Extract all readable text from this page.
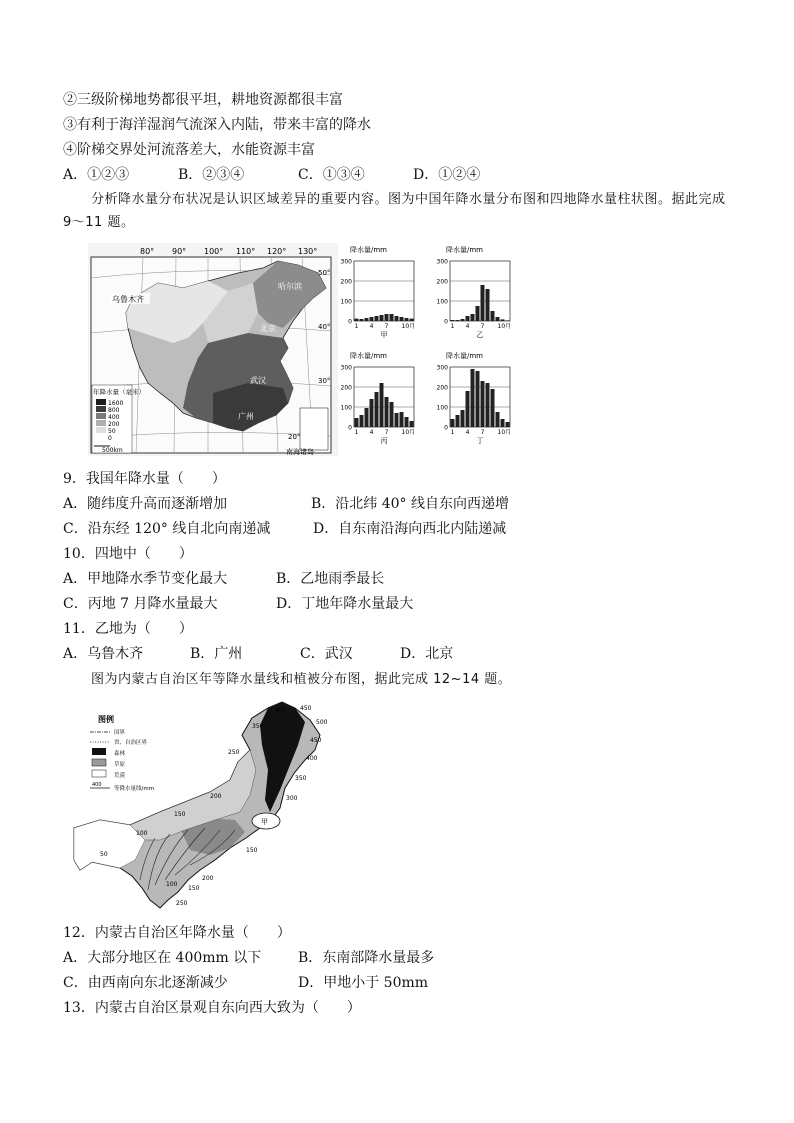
②三级阶梯地势都很平坦，耕地资源都很丰富
③有利于海洋湿润气流深入内陆，带来丰富的降水
④阶梯交界处河流落差大，水能资源丰富
A．①②③	B．②③④	C．①③④	D．①②④
分析降水量分布状况是认识区域差异的重要内容。图为中国年降水量分布图和四地降水量柱状图。据此完成 9～11 题。
80° 90° 100° 110° 120° 130°
50°
40°
30°
20°
南海诸岛
乌鲁木齐
哈尔滨
北京
武汉
广州
年降水量（毫米）
1600
800
400
200
50
0
500km
降水量/mm
0
100
200
300
1 4 7 10月
甲
降水量/mm
0
100
200
300
1 4 7 10月
乙
降水量/mm
0
100
200
300
1 4 7 10月
丙
降水量/mm
0
100
200
300
1 4 7 10月
丁
9．我国年降水量（　　）
A．随纬度升高而逐渐增加	B．沿北纬 40° 线自东向西递增
C．沿东经 120° 线自北向南递减	D．自东南沿海向西北内陆递减
10．四地中（　　）
A．甲地降水季节变化最大	B．乙地雨季最长
C．丙地 7 月降水量最大	D．丁地年降水量最大
11．乙地为（　　）
A．乌鲁木齐	B．广州	C．武汉	D．北京
图为内蒙古自治区年等降水量线和植被分布图，据此完成 12~14 题。
图例
国界
省、自治区界
森林
草原
荒漠
400
等降水量线/mm
甲
350
400 450
500
450
400
350
300
250
200
150
100
50
100
150
200
250
150
12．内蒙古自治区年降水量（　　）
A．大部分地区在 400mm 以下	B．东南部降水量最多
C．由西南向东北逐渐减少	D．甲地小于 50mm
13．内蒙古自治区景观自东向西大致为（　　）
